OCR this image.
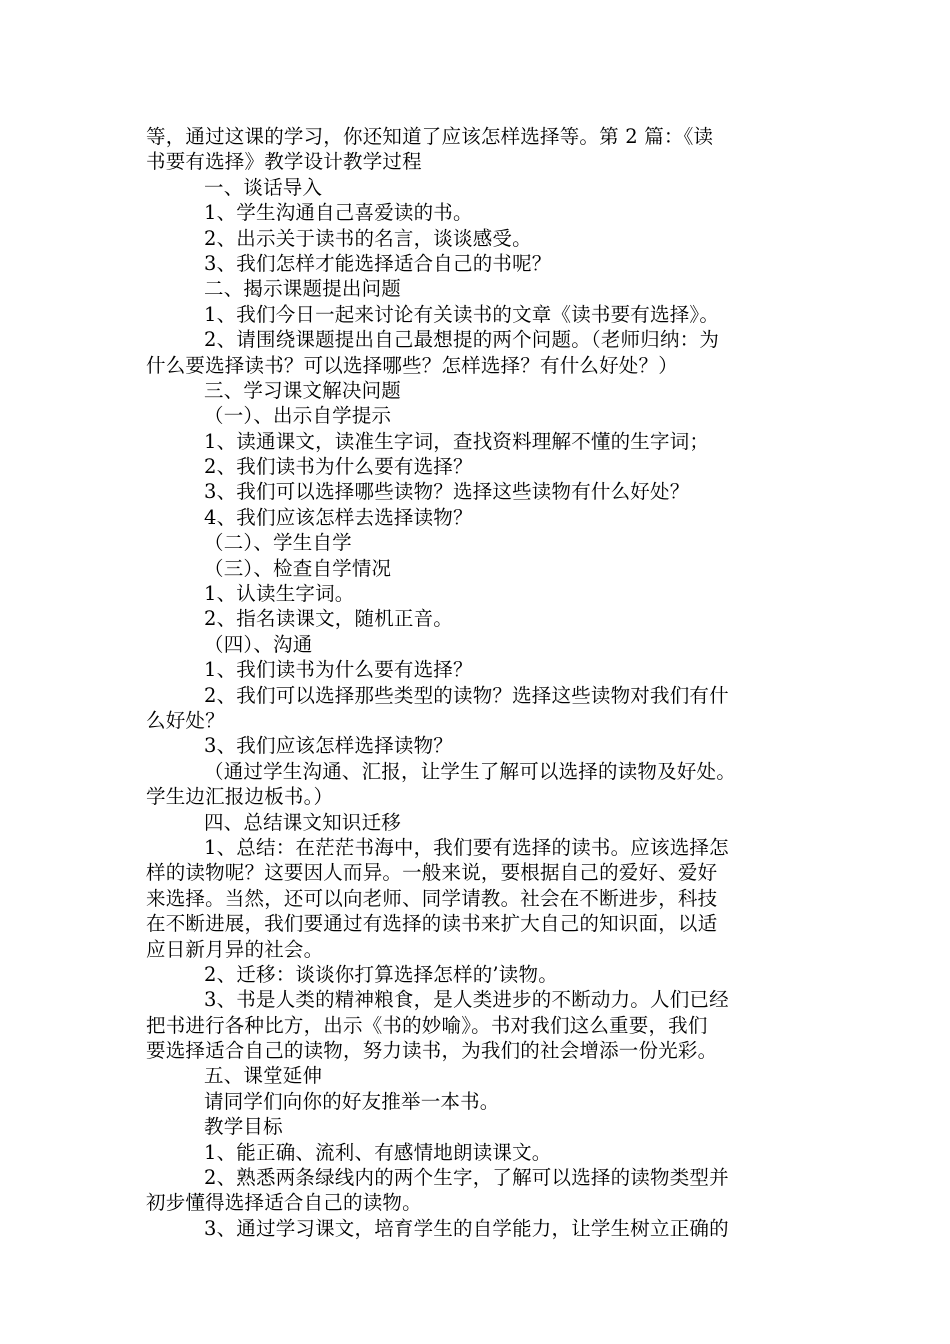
等，通过这课的学习，你还知道了应该怎样选择等。第 2 篇：《读
书要有选择》教学设计教学过程
一、谈话导入
1、学生沟通自己喜爱读的书。
2、出示关于读书的名言，谈谈感受。
3、我们怎样才能选择适合自己的书呢？
二、揭示课题提出问题
1、我们今日一起来讨论有关读书的文章《读书要有选择》。
2、请围绕课题提出自己最想提的两个问题。（老师归纳：为
什么要选择读书？可以选择哪些？怎样选择？有什么好处？）
三、学习课文解决问题
（一）、出示自学提示
1、读通课文，读准生字词，查找资料理解不懂的生字词；
2、我们读书为什么要有选择？
3、我们可以选择哪些读物？选择这些读物有什么好处？
4、我们应该怎样去选择读物？
（二）、学生自学
（三）、检查自学情况
1、认读生字词。
2、指名读课文，随机正音。
（四）、沟通
1、我们读书为什么要有选择？
2、我们可以选择那些类型的读物？选择这些读物对我们有什
么好处？
3、我们应该怎样选择读物？
（通过学生沟通、汇报，让学生了解可以选择的读物及好处。
学生边汇报边板书。）
四、总结课文知识迁移
1、总结：在茫茫书海中，我们要有选择的读书。应该选择怎
样的读物呢？这要因人而异。一般来说，要根据自己的爱好、爱好
来选择。当然，还可以向老师、同学请教。社会在不断进步，科技
在不断进展，我们要通过有选择的读书来扩大自己的知识面，以适
应日新月异的社会。
2、迁移：谈谈你打算选择怎样的’读物。
3、书是人类的精神粮食，是人类进步的不断动力。人们已经
把书进行各种比方，出示《书的妙喻》。书对我们这么重要，我们
要选择适合自己的读物，努力读书，为我们的社会增添一份光彩。
五、课堂延伸
请同学们向你的好友推举一本书。
教学目标
1、能正确、流利、有感情地朗读课文。
2、熟悉两条绿线内的两个生字，了解可以选择的读物类型并
初步懂得选择适合自己的读物。
3、通过学习课文，培育学生的自学能力，让学生树立正确的
